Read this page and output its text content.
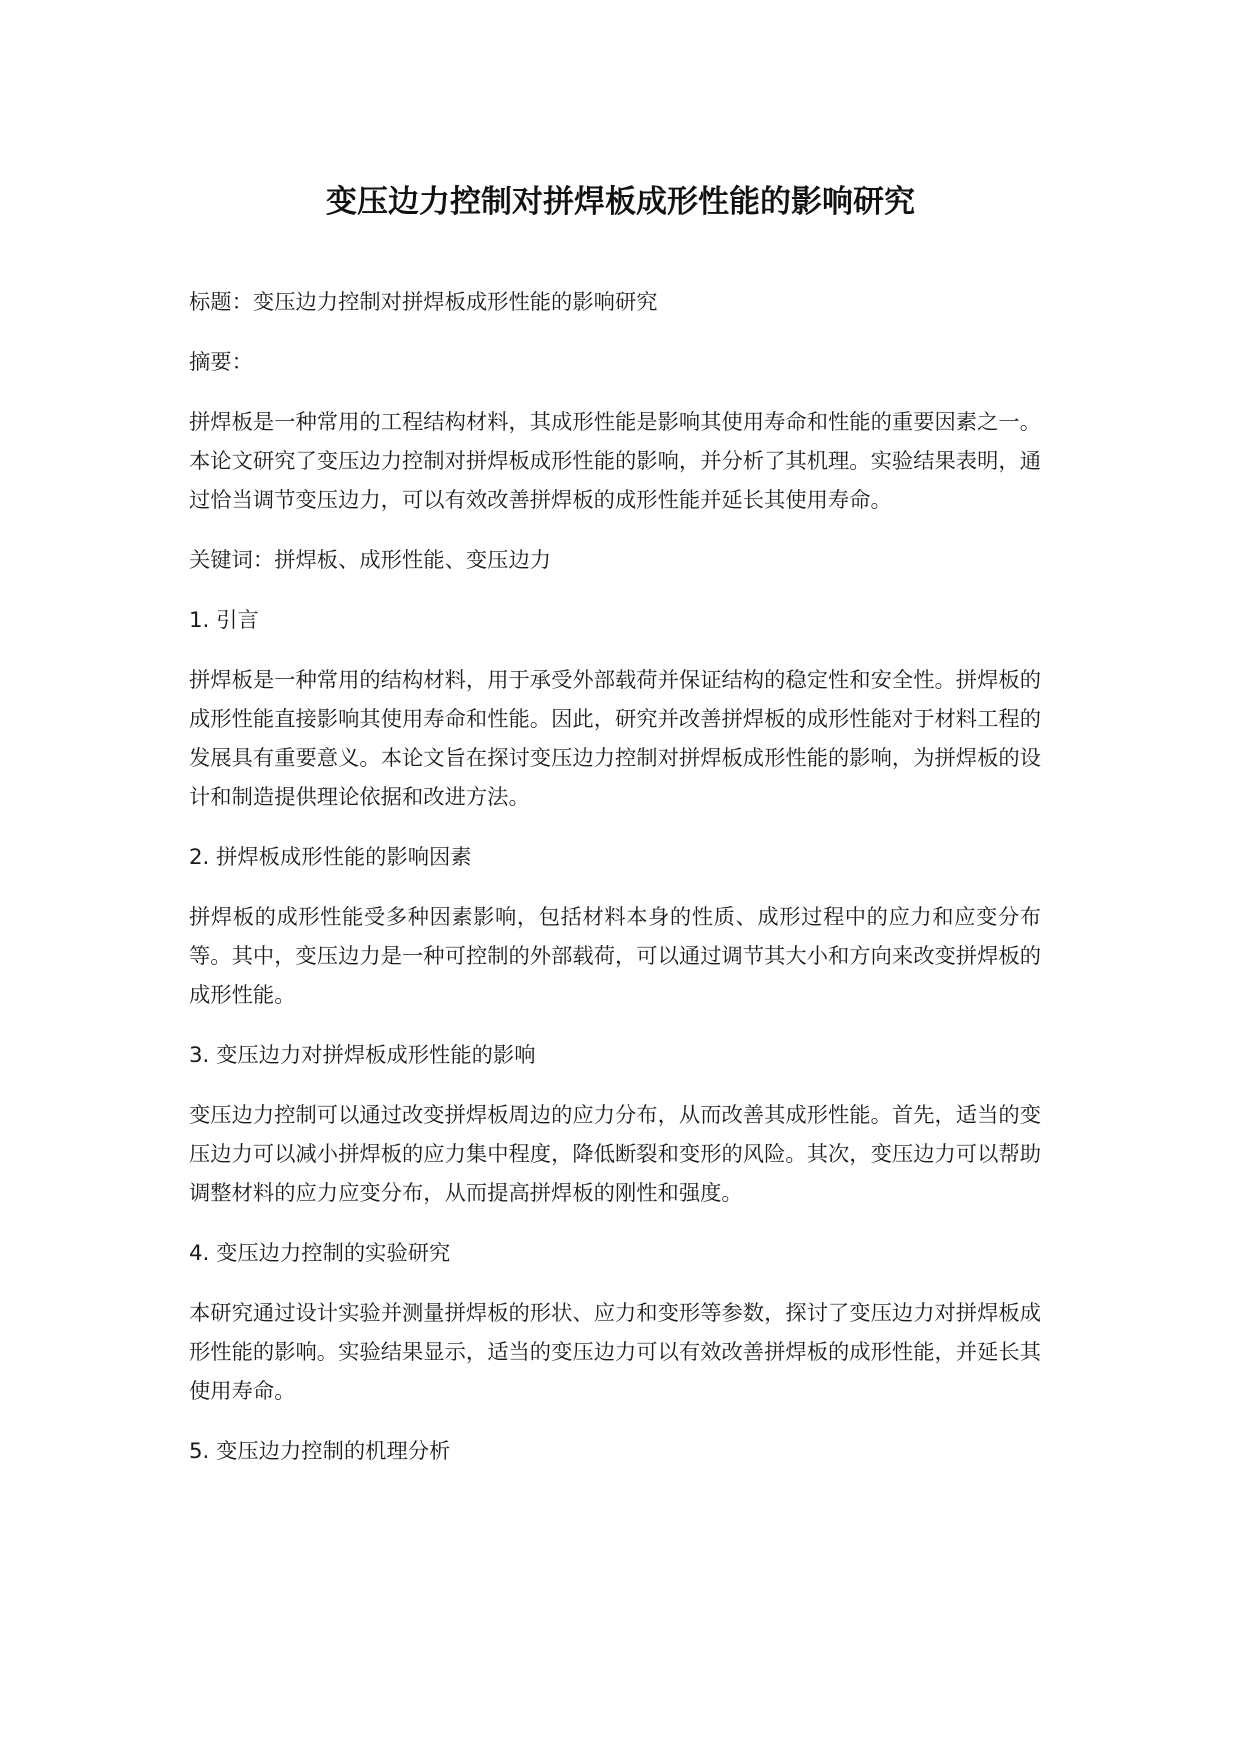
变压边力控制对拼焊板成形性能的影响研究

标题：变压边力控制对拼焊板成形性能的影响研究

摘要：

拼焊板是一种常用的工程结构材料，其成形性能是影响其使用寿命和性能的重要因素之一。本论文研究了变压边力控制对拼焊板成形性能的影响，并分析了其机理。实验结果表明，通过恰当调节变压边力，可以有效改善拼焊板的成形性能并延长其使用寿命。

关键词：拼焊板、成形性能、变压边力

1. 引言

拼焊板是一种常用的结构材料，用于承受外部载荷并保证结构的稳定性和安全性。拼焊板的成形性能直接影响其使用寿命和性能。因此，研究并改善拼焊板的成形性能对于材料工程的发展具有重要意义。本论文旨在探讨变压边力控制对拼焊板成形性能的影响，为拼焊板的设计和制造提供理论依据和改进方法。

2. 拼焊板成形性能的影响因素

拼焊板的成形性能受多种因素影响，包括材料本身的性质、成形过程中的应力和应变分布等。其中，变压边力是一种可控制的外部载荷，可以通过调节其大小和方向来改变拼焊板的成形性能。

3. 变压边力对拼焊板成形性能的影响

变压边力控制可以通过改变拼焊板周边的应力分布，从而改善其成形性能。首先，适当的变压边力可以减小拼焊板的应力集中程度，降低断裂和变形的风险。其次，变压边力可以帮助调整材料的应力应变分布，从而提高拼焊板的刚性和强度。

4. 变压边力控制的实验研究

本研究通过设计实验并测量拼焊板的形状、应力和变形等参数，探讨了变压边力对拼焊板成形性能的影响。实验结果显示，适当的变压边力可以有效改善拼焊板的成形性能，并延长其使用寿命。

5. 变压边力控制的机理分析
